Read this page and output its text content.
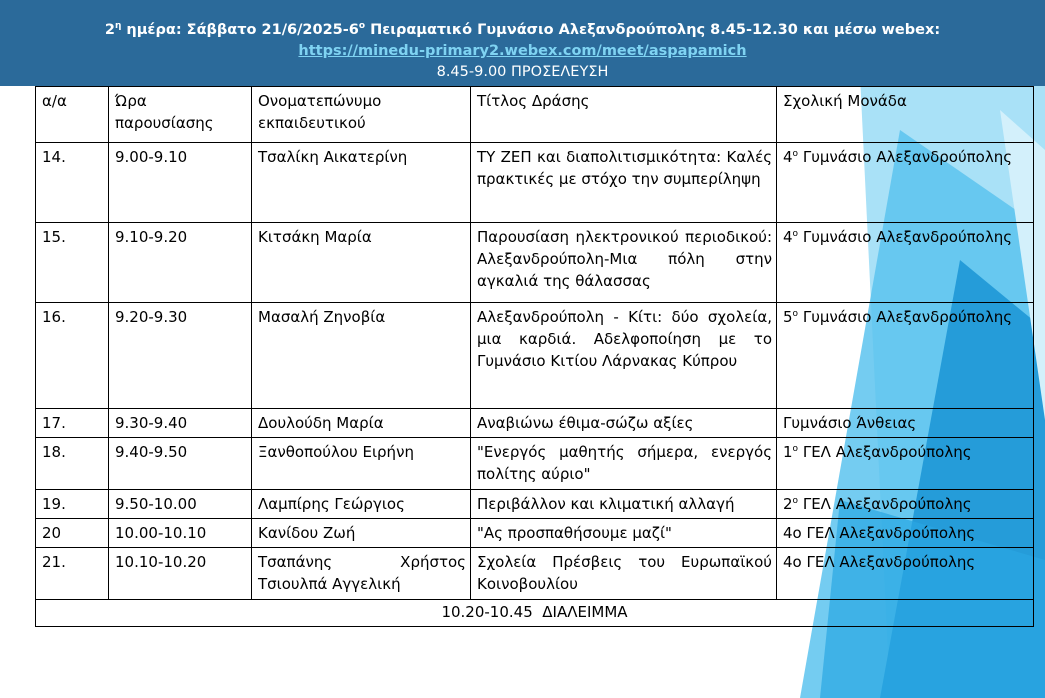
$2^\eta$ ημέρα: Σάββατο $21/6/2025-6^o$ Πειραματικό Γυμνάσιο Αλεξανδρούπολης 8.45-12.30 και μέσω webex:
https://minedu-primary2.webex.com/meet/aspapamich
8.45-9.00 ΠΡΟΣΕΛΕΥΣΗ
α/α	Ώρα παρουσίασης	Ονοματεπώνυμο εκπαιδευτικού	Τίτλος Δράσης	Σχολική Μονάδα
14.	9.00-9.10	Τσαλίκη Αικατερίνη	ΤΥ ΖΕΠ και διαπολιτισμικότητα: Καλές πρακτικές με στόχο την συμπερίληψη	$4^o$ Γυμνάσιο Αλεξανδρούπολης
15.	9.10-9.20	Κιτσάκη Μαρία	Παρουσίαση ηλεκτρονικού περιοδικού: Αλεξανδρούπολη-Μια πόλη στην αγκαλιά της θάλασσας	$4^o$ Γυμνάσιο Αλεξανδρούπολης
16.	9.20-9.30	Μασαλή Ζηνοβία	Αλεξανδρούπολη - Κίτι: δύο σχολεία, μια καρδιά. Αδελφοποίηση με το Γυμνάσιο Κιτίου Λάρνακας Κύπρου	$5^o$ Γυμνάσιο Αλεξανδρούπολης
17.	9.30-9.40	Δουλούδη Μαρία	Αναβιώνω έθιμα-σώζω αξίες	Γυμνάσιο Άνθειας
18.	9.40-9.50	Ξανθοπούλου Ειρήνη	"Ενεργός μαθητής σήμερα, ενεργός πολίτης αύριο"	$1^o$ ΓΕΛ Αλεξανδρούπολης
19.	9.50-10.00	Λαμπίρης Γεώργιος	Περιβάλλον και κλιματική αλλαγή	$2^o$ ΓΕΛ Αλεξανδρούπολης
20	10.00-10.10	Κανίδου Ζωή	"Ας προσπαθήσουμε μαζί"	4ο ΓΕΛ Αλεξανδρούπολης
21.	10.10-10.20	Τσαπάνης Χρήστος Τσιουλπά Αγγελική	Σχολεία Πρέσβεις του Ευρωπαϊκού Κοινοβουλίου	4ο ΓΕΛ Αλεξανδρούπολης
10.20-10.45  ΔΙΑΛΕΙΜΜΑ				
